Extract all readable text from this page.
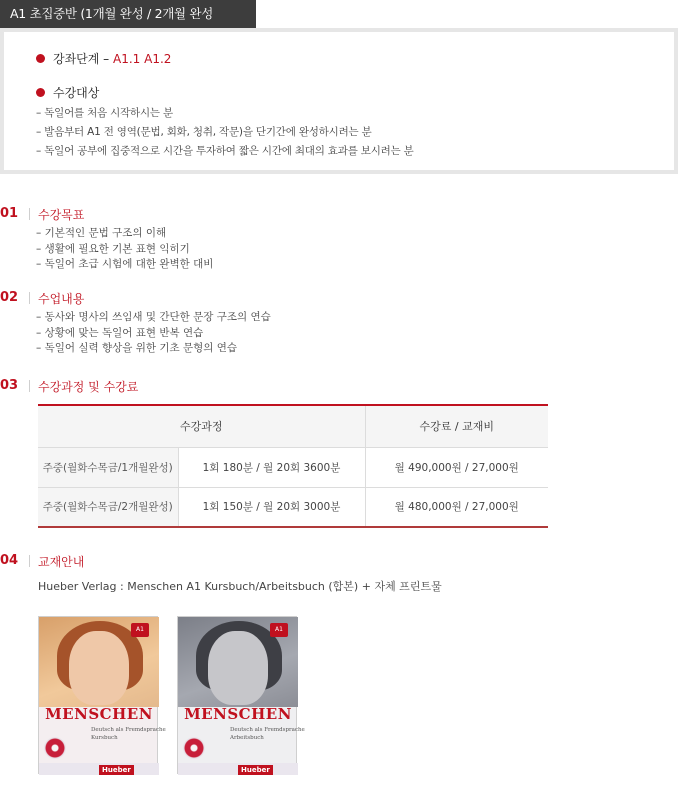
A1 초집중반 (1개월 완성 / 2개월 완성
강좌단계 – A1.1 A1.2
수강대상
– 독일어를 처음 시작하시는 분
– 발음부터 A1 전 영역(문법, 회화, 청취, 작문)을 단기간에 완성하시려는 분
– 독일어 공부에 집중적으로 시간을 투자하여 짧은 시간에 최대의 효과를 보시려는 분
01 수강목표
– 기본적인 문법 구조의 이해
– 생활에 필요한 기본 표현 익히기
– 독일어 초급 시험에 대한 완벽한 대비
02 수업내용
– 동사와 명사의 쓰임새 및 간단한 문장 구조의 연습
– 상황에 맞는 독일어 표현 반복 연습
– 독일어 실력 향상을 위한 기초 문형의 연습
03 수강과정 및 수강료
수강과정		수강료 / 교재비
주중(월화수목금/1개월완성)	1회 180분 / 월 20회 3600분	월 490,000원 / 27,000원
주중(월화수목금/2개월완성)	1회 150분 / 월 20회 3000분	월 480,000원 / 27,000원
04 교재안내
Hueber Verlag : Menschen A1 Kursbuch/Arbeitsbuch (합본) + 자체 프린트물
A1
MENSCHEN
Deutsch als Fremdsprache
Kursbuch
Hueber
A1
MENSCHEN
Deutsch als Fremdsprache
Arbeitsbuch
Hueber
